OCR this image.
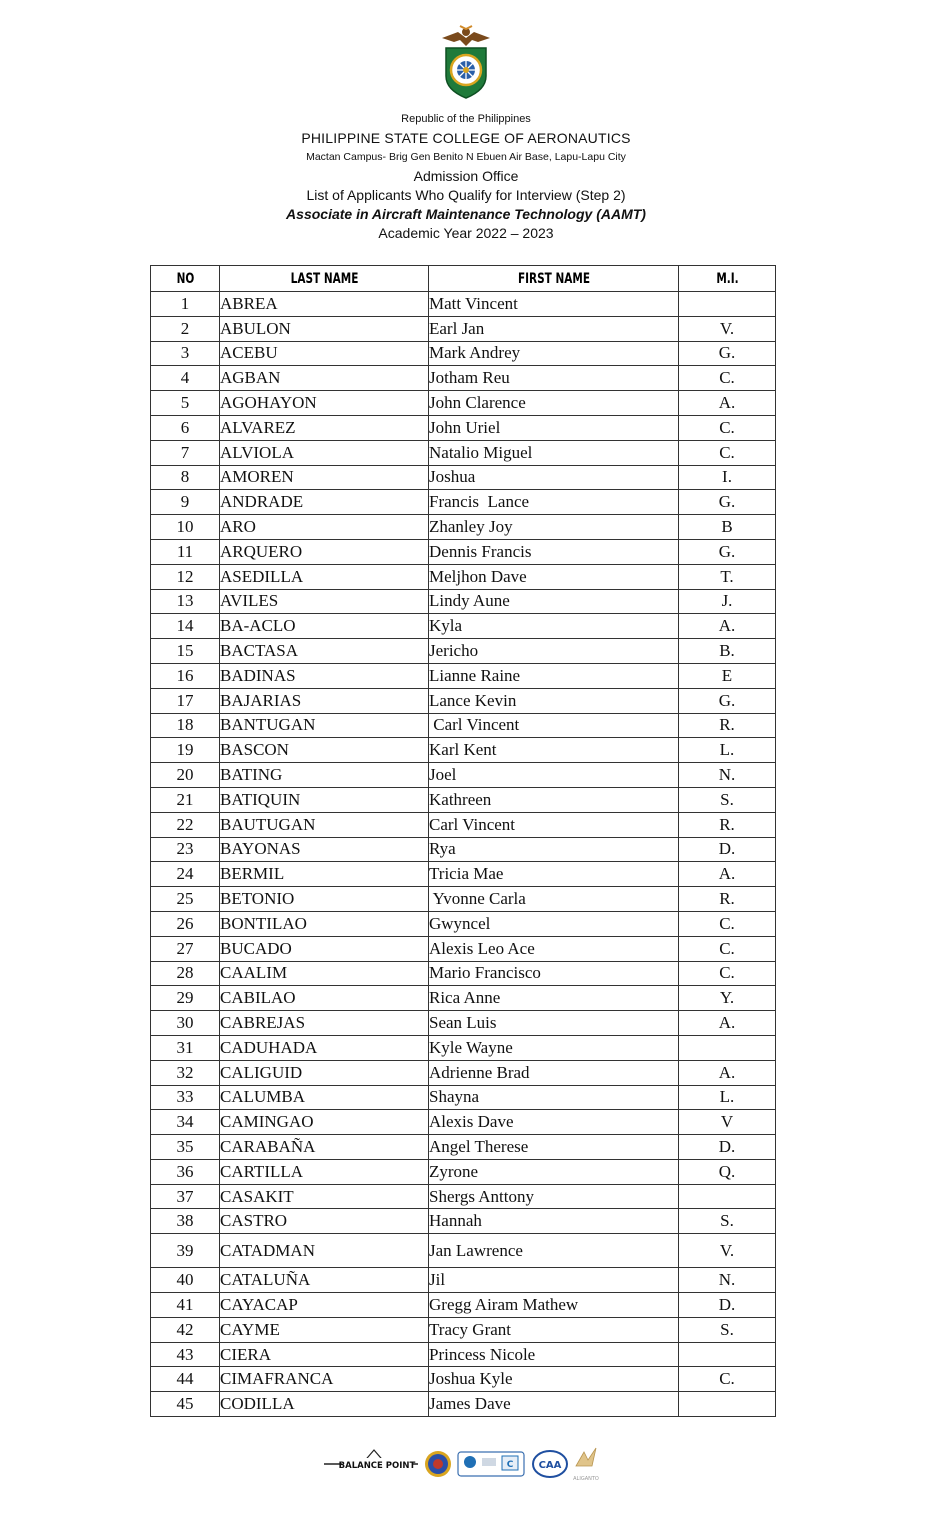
Republic of the Philippines
PHILIPPINE STATE COLLEGE OF AERONAUTICS
Mactan Campus- Brig Gen Benito N Ebuen Air Base, Lapu-Lapu City
Admission Office
List of Applicants Who Qualify for Interview (Step 2)
Associate in Aircraft Maintenance Technology (AAMT)
Academic Year 2022 – 2023
NO	LAST NAME	FIRST NAME	M.I.
1	ABREA	Matt Vincent	
2	ABULON	Earl Jan	V.
3	ACEBU	Mark Andrey	G.
4	AGBAN	Jotham Reu	C.
5	AGOHAYON	John Clarence	A.
6	ALVAREZ	John Uriel	C.
7	ALVIOLA	Natalio Miguel	C.
8	AMOREN	Joshua	I.
9	ANDRADE	Francis  Lance	G.
10	ARO	Zhanley Joy	B
11	ARQUERO	Dennis Francis	G.
12	ASEDILLA	Meljhon Dave	T.
13	AVILES	Lindy Aune	J.
14	BA-ACLO	Kyla	A.
15	BACTASA	Jericho	B.
16	BADINAS	Lianne Raine	E
17	BAJARIAS	Lance Kevin	G.
18	BANTUGAN	Carl Vincent	R.
19	BASCON	Karl Kent	L.
20	BATING	Joel	N.
21	BATIQUIN	Kathreen	S.
22	BAUTUGAN	Carl Vincent	R.
23	BAYONAS	Rya	D.
24	BERMIL	Tricia Mae	A.
25	BETONIO	Yvonne Carla	R.
26	BONTILAO	Gwyncel	C.
27	BUCADO	Alexis Leo Ace	C.
28	CAALIM	Mario Francisco	C.
29	CABILAO	Rica Anne	Y.
30	CABREJAS	Sean Luis	A.
31	CADUHADA	Kyle Wayne	
32	CALIGUID	Adrienne Brad	A.
33	CALUMBA	Shayna	L.
34	CAMINGAO	Alexis Dave	V
35	CARABAÑA	Angel Therese	D.
36	CARTILLA	Zyrone	Q.
37	CASAKIT	Shergs Anttony	
38	CASTRO	Hannah	S.
39	CATADMAN	Jan Lawrence	V.
40	CATALUÑA	Jil	N.
41	CAYACAP	Gregg Airam Mathew	D.
42	CAYME	Tracy Grant	S.
43	CIERA	Princess Nicole	
44	CIMAFRANCA	Joshua Kyle	C.
45	CODILLA	James Dave	
BALANCE POINT	C	CAA
ALIGANTO
